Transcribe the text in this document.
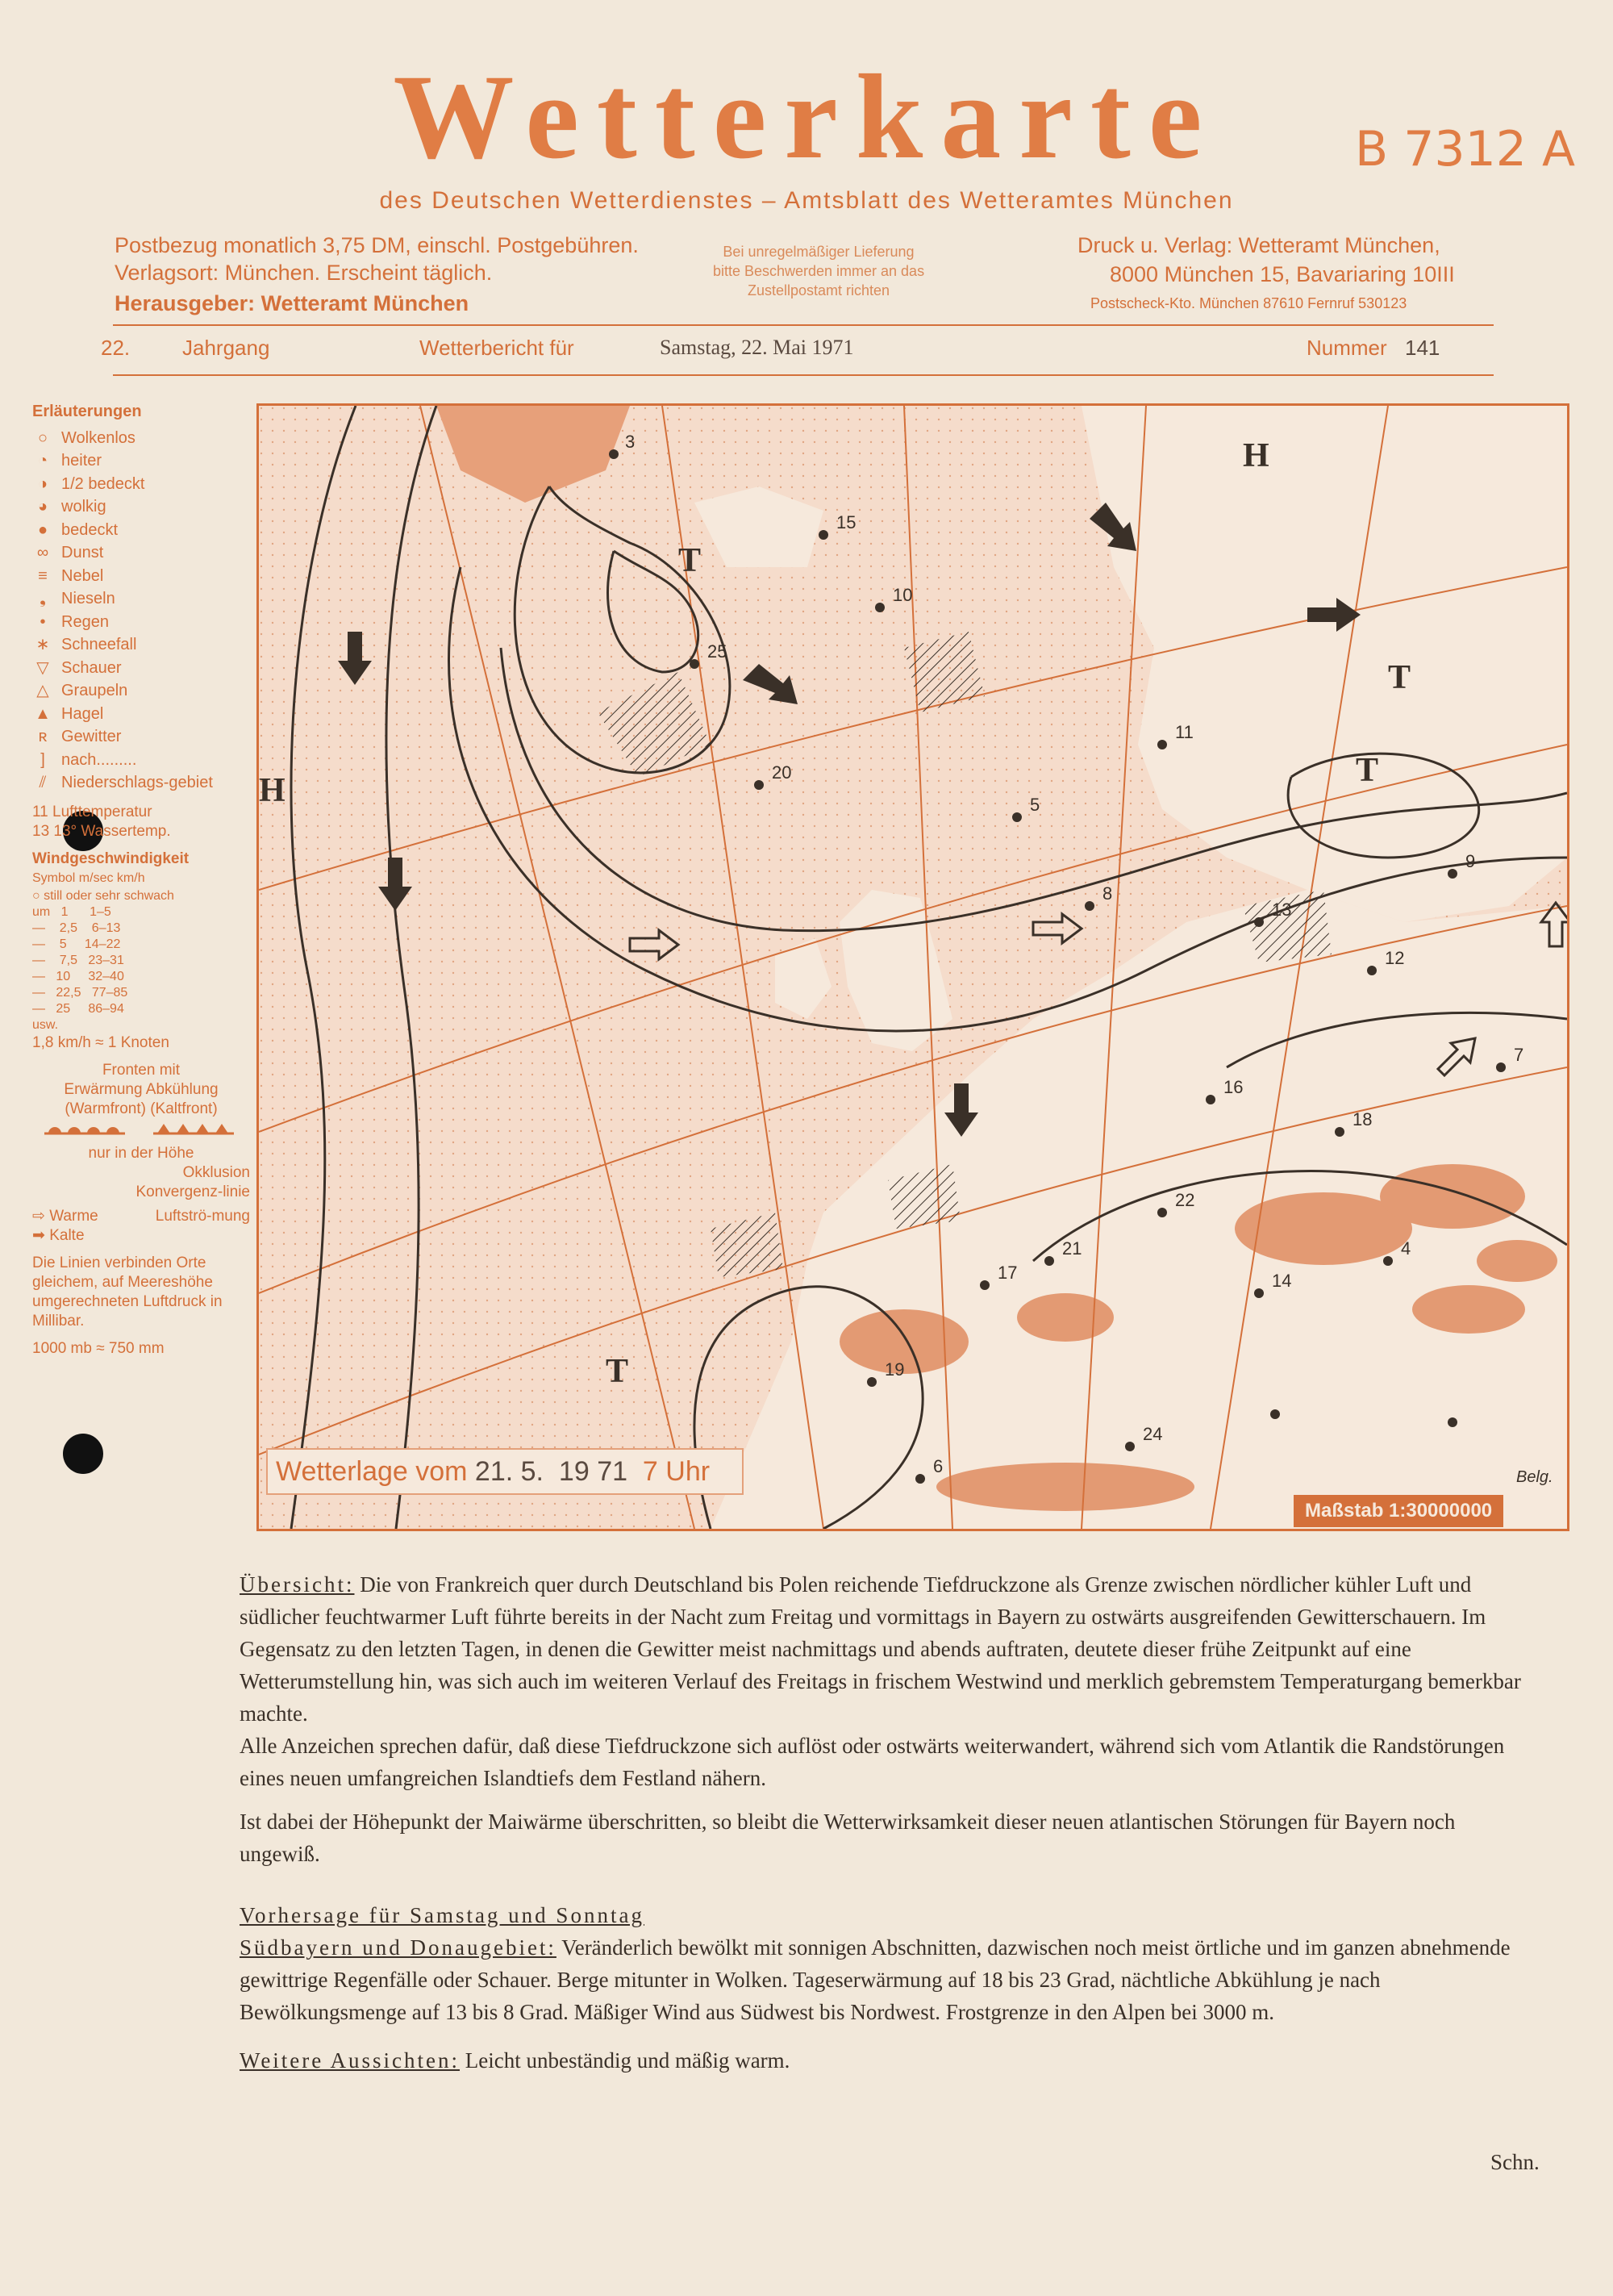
Wetterkarte	B 7312 A
des Deutschen Wetterdienstes – Amtsblatt des Wetteramtes München
Postbezug monatlich 3,75 DM, einschl. Postgebühren.
Verlagsort: München. Erscheint täglich.
Herausgeber: Wetteramt München
Bei unregelmäßiger Lieferung
bitte Beschwerden immer an das
Zustellpostamt richten
Druck u. Verlag: Wetteramt München,
8000 München 15, Bavariaring 10III
Postscheck-Kto. München 87610 Fernruf 530123
22. Jahrgang	Wetterbericht für	Samstag, 22. Mai 1971	Nummer 141
Erläuterungen
○ Wolkenlos
◔ heiter
◑ 1/2 bedeckt
◕ wolkig
● bedeckt
∞ Dunst
≡ Nebel
❟ Nieseln
• Regen
∗ Schneefall
▽ Schauer
△ Graupeln
▲ Hagel
ʀ Gewitter
]	nach.........
⫽ Niederschlags-gebiet
11 Lufttemperatur
13 13° Wassertemp.
Windgeschwindigkeit
Symbol m/sec km/h
○ still oder sehr schwach
um   1      1–5
—    2,5    6–13
—    5     14–22
—    7,5   23–31
—   10     32–40
—   22,5   77–85
—   25     86–94
usw.
1,8 km/h ≈ 1 Knoten
Fronten mit
Erwärmung Abkühlung
(Warmfront) (Kaltfront)
nur in der Höhe
Okklusion
Konvergenz-linie
⇨ Warme	Luftströ-mung
➡ Kalte
Die Linien verbinden Orte gleichem, auf Meereshöhe umgerechneten Luftdruck in Millibar.
1000 mb ≈ 750 mm
H
T
T
H
T
T
3
25
20
15
10
5
8
11
13
12
9
7
16
18
22
17
19
14
4
6
21
24
Wetterlage vom
21. 5.
19
71
7 Uhr
Maßstab 1:30000000
Belg.

Übersicht: Die von Frankreich quer durch Deutschland bis Polen reichende Tiefdruckzone als Grenze zwischen nördlicher kühler Luft und südlicher feuchtwarmer Luft führte bereits in der Nacht zum Freitag und vormittags in Bayern zu ostwärts ausgreifenden Gewitterschauern. Im Gegensatz zu den letzten Tagen, in denen die Gewitter meist nachmittags und abends auftraten, deutete dieser frühe Zeitpunkt auf eine Wetterumstellung hin, was sich auch im weiteren Verlauf des Freitags in frischem Westwind und merklich gebremstem Temperaturgang bemerkbar machte.

Alle Anzeichen sprechen dafür, daß diese Tiefdruckzone sich auflöst oder ostwärts weiterwandert, während sich vom Atlantik die Randstörungen eines neuen umfangreichen Islandtiefs dem Festland nähern.

Ist dabei der Höhepunkt der Maiwärme überschritten, so bleibt die Wetterwirksamkeit dieser neuen atlantischen Störungen für Bayern noch ungewiß.

Vorhersage für Samstag und Sonntag

Südbayern und Donaugebiet: Veränderlich bewölkt mit sonnigen Abschnitten, dazwischen noch meist örtliche und im ganzen abnehmende gewittrige Regenfälle oder Schauer. Berge mitunter in Wolken. Tageserwärmung auf 18 bis 23 Grad, nächtliche Abkühlung je nach Bewölkungsmenge auf 13 bis 8 Grad. Mäßiger Wind aus Südwest bis Nordwest. Frostgrenze in den Alpen bei 3000 m.

Weitere Aussichten: Leicht unbeständig und mäßig warm.

Schn.
